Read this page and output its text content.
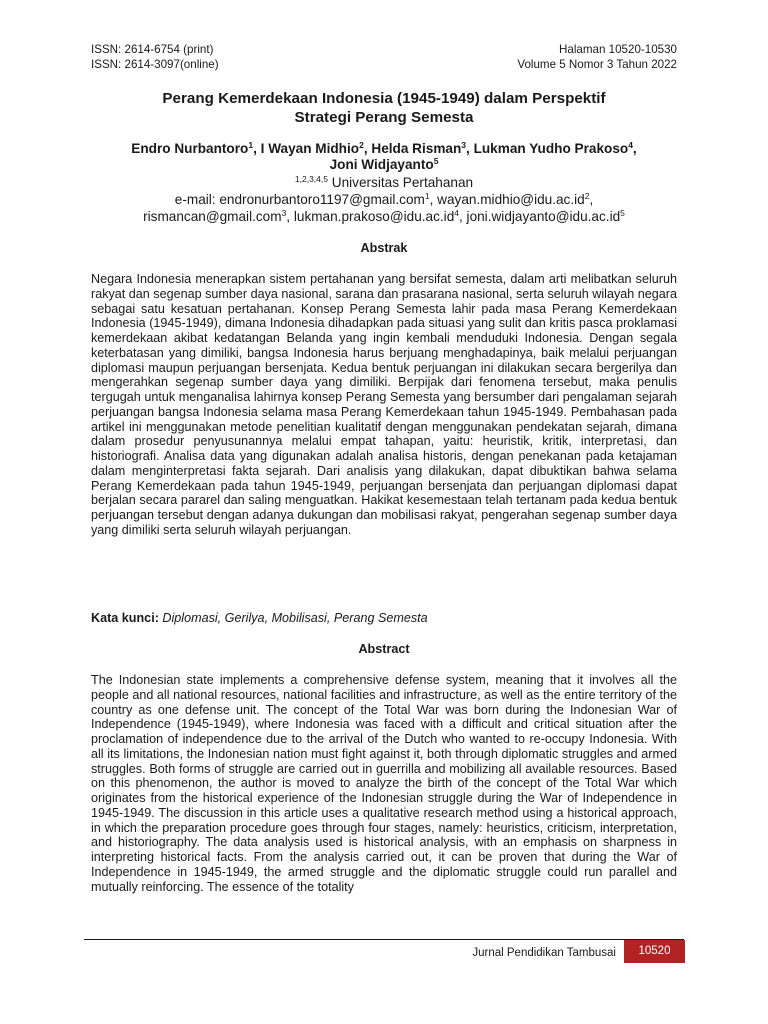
ISSN: 2614-6754 (print)
ISSN: 2614-3097(online)
Halaman 10520-10530
Volume 5 Nomor 3 Tahun 2022
Perang Kemerdekaan Indonesia (1945-1949) dalam Perspektif
Strategi Perang Semesta
Endro Nurbantoro$^1$, I Wayan Midhio$^2$, Helda Risman$^3$, Lukman Yudho Prakoso$^4$,
Joni Widjayanto$^5$
$^{1,2,3,4,5}$ Universitas Pertahanan
e-mail: endronurbantoro1197@gmail.com$^1$, $wayan.midhio@idu.ac.id^2$,
rismancan@gmail.com$^3$, $lukman.prakoso@idu.ac.id^4$, $joni.widjayanto@idu.ac.id^5$
Abstrak
Negara Indonesia menerapkan sistem pertahanan yang bersifat semesta, dalam arti melibatkan seluruh rakyat dan segenap sumber daya nasional, sarana dan prasarana nasional, serta seluruh wilayah negara sebagai satu kesatuan pertahanan. Konsep Perang Semesta lahir pada masa Perang Kemerdekaan Indonesia (1945-1949), dimana Indonesia dihadapkan pada situasi yang sulit dan kritis pasca proklamasi kemerdekaan akibat kedatangan Belanda yang ingin kembali menduduki Indonesia. Dengan segala keterbatasan yang dimiliki, bangsa Indonesia harus berjuang menghadapinya, baik melalui perjuangan diplomasi maupun perjuangan bersenjata. Kedua bentuk perjuangan ini dilakukan secara bergerilya dan mengerahkan segenap sumber daya yang dimiliki. Berpijak dari fenomena tersebut, maka penulis tergugah untuk menganalisa lahirnya konsep Perang Semesta yang bersumber dari pengalaman sejarah perjuangan bangsa Indonesia selama masa Perang Kemerdekaan tahun 1945-1949. Pembahasan pada artikel ini menggunakan metode penelitian kualitatif dengan menggunakan pendekatan sejarah, dimana dalam prosedur penyusunannya melalui empat tahapan, yaitu: heuristik, kritik, interpretasi, dan historiografi. Analisa data yang digunakan adalah analisa historis, dengan penekanan pada ketajaman dalam menginterpretasi fakta sejarah. Dari analisis yang dilakukan, dapat dibuktikan bahwa selama Perang Kemerdekaan pada tahun 1945-1949, perjuangan bersenjata dan perjuangan diplomasi dapat berjalan secara pararel dan saling menguatkan. Hakikat kesemestaan telah tertanam pada kedua bentuk perjuangan tersebut dengan adanya dukungan dan mobilisasi rakyat, pengerahan segenap sumber daya yang dimiliki serta seluruh wilayah perjuangan.
Kata kunci: Diplomasi, Gerilya, Mobilisasi, Perang Semesta
Abstract
The Indonesian state implements a comprehensive defense system, meaning that it involves all the people and all national resources, national facilities and infrastructure, as well as the entire territory of the country as one defense unit. The concept of the Total War was born during the Indonesian War of Independence (1945-1949), where Indonesia was faced with a difficult and critical situation after the proclamation of independence due to the arrival of the Dutch who wanted to re-occupy Indonesia. With all its limitations, the Indonesian nation must fight against it, both through diplomatic struggles and armed struggles. Both forms of struggle are carried out in guerrilla and mobilizing all available resources. Based on this phenomenon, the author is moved to analyze the birth of the concept of the Total War which originates from the historical experience of the Indonesian struggle during the War of Independence in 1945-1949. The discussion in this article uses a qualitative research method using a historical approach, in which the preparation procedure goes through four stages, namely: heuristics, criticism, interpretation, and historiography. The data analysis used is historical analysis, with an emphasis on sharpness in interpreting historical facts. From the analysis carried out, it can be proven that during the War of Independence in 1945-1949, the armed struggle and the diplomatic struggle could run parallel and mutually reinforcing. The essence of the totality
Jurnal Pendidikan Tambusai	10520
